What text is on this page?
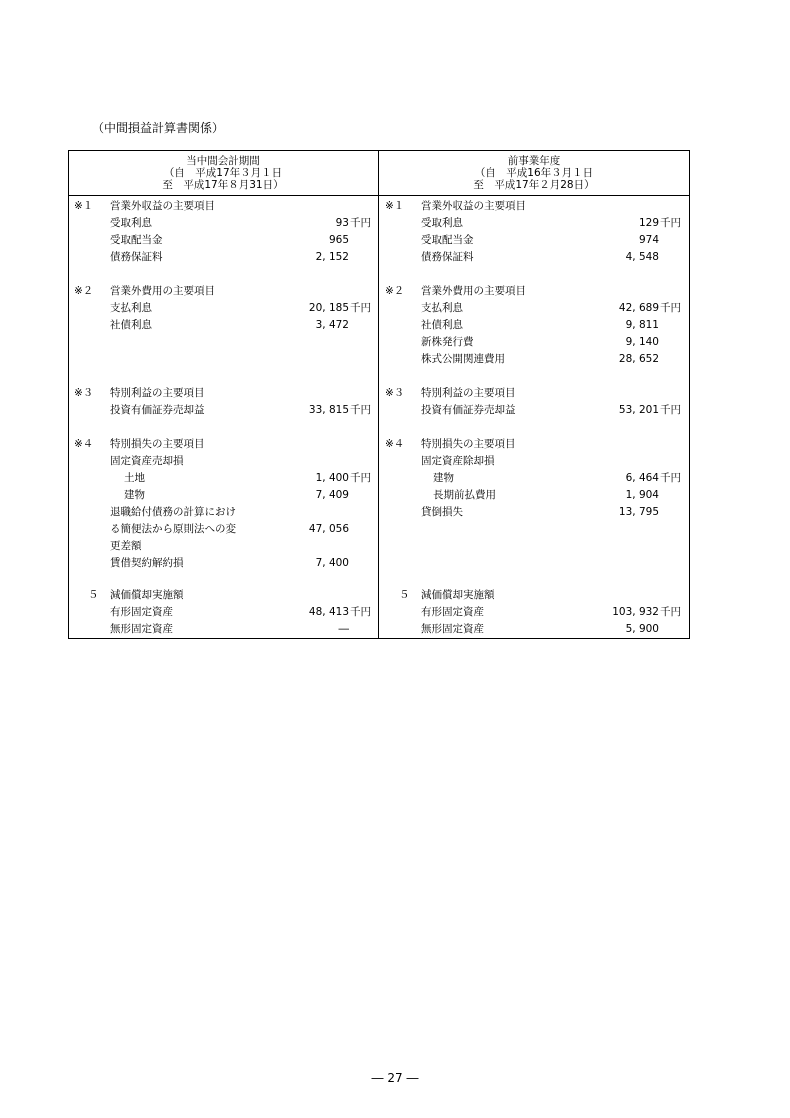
（中間損益計算書関係）
当中間会計期間
（自　平成17年３月１日
至　平成17年８月31日）
前事業年度
（自　平成16年３月１日
至　平成17年２月28日）
※１ 営業外収益の主要項目
受取利息	93 千円
受取配当金	965
債務保証料	2, 152
※２ 営業外費用の主要項目
支払利息	20, 185 千円
社債利息	3, 472
※３ 特別利益の主要項目
投資有価証券売却益	33, 815 千円
※４ 特別損失の主要項目
固定資産売却損
土地	1, 400 千円
建物	7, 409
退職給付債務の計算におけ
る簡便法から原則法への変	47, 056
更差額
賃借契約解約損	7, 400
５ 減価償却実施額
有形固定資産	48, 413 千円
無形固定資産	―
※１ 営業外収益の主要項目
受取利息	129 千円
受取配当金	974
債務保証料	4, 548
※２ 営業外費用の主要項目
支払利息	42, 689 千円
社債利息	9, 811
新株発行費	9, 140
株式公開関連費用	28, 652
※３ 特別利益の主要項目
投資有価証券売却益	53, 201 千円
※４ 特別損失の主要項目
固定資産除却損
建物	6, 464 千円
長期前払費用	1, 904
貸倒損失	13, 795
５ 減価償却実施額
有形固定資産	103, 932 千円
無形固定資産	5, 900
― 27 ―
